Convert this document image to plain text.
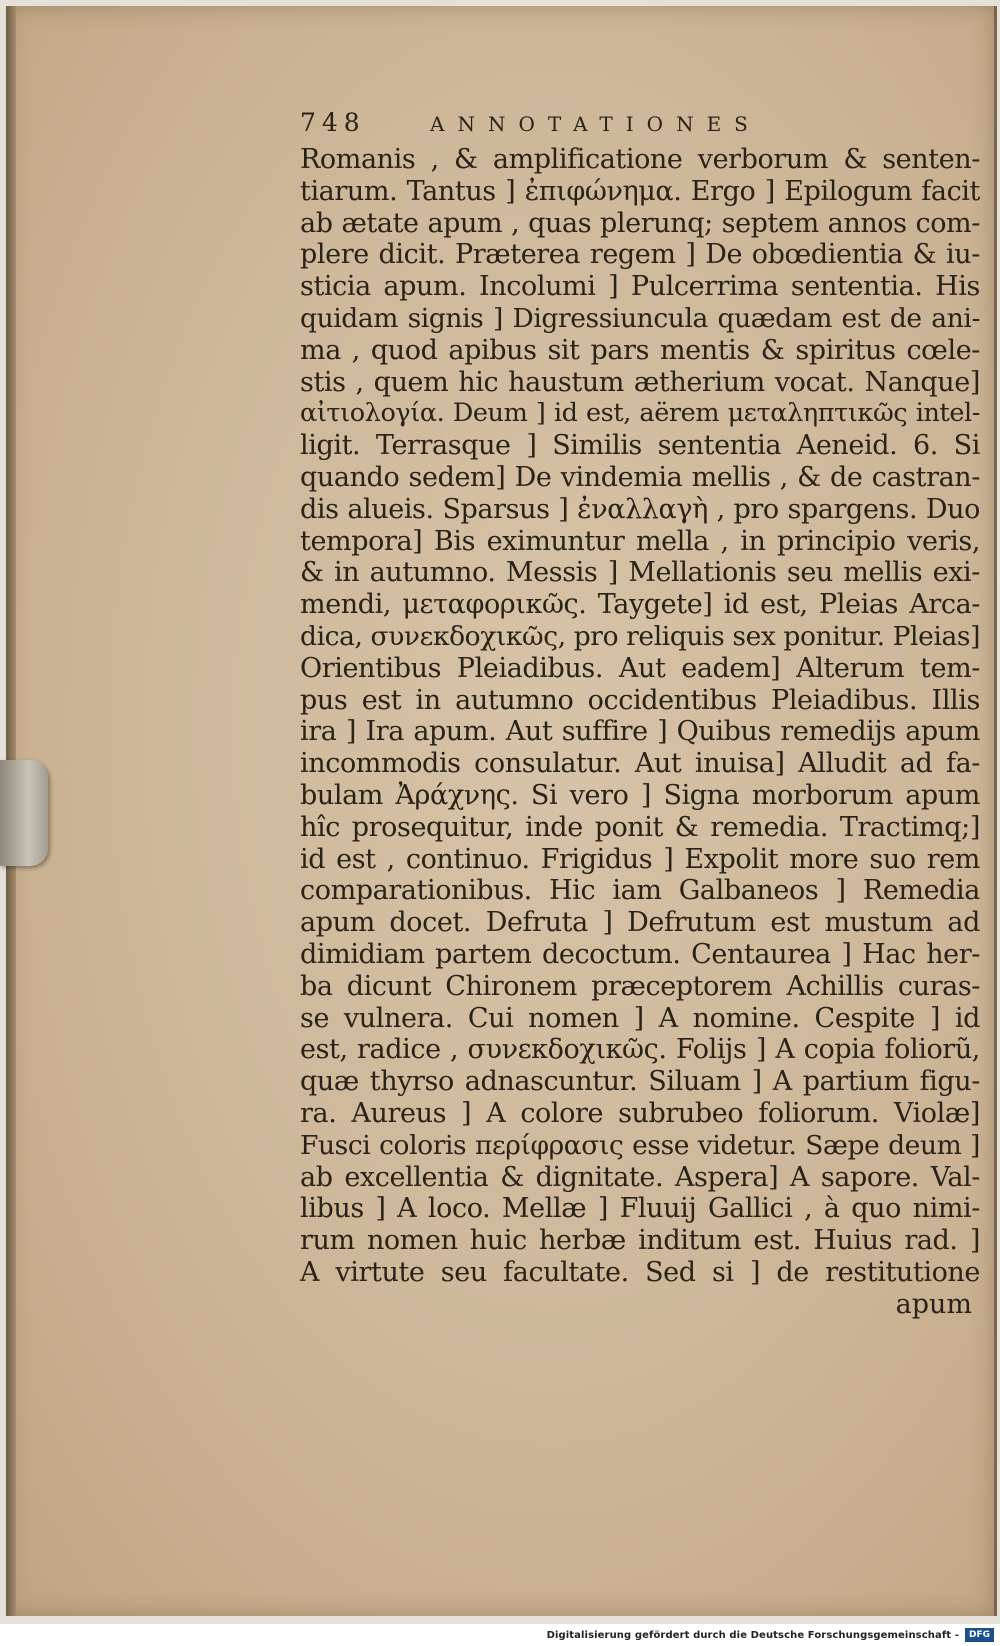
748	ANNOTATIONES
Romanis , & amplificatione verborum & senten-
tiarum. Tantus ] ἐπιφώνημα. Ergo ] Epilogum facit
ab ætate apum , quas plerunq; septem annos com-
plere dicit. Præterea regem ] De obœdientia & iu-
sticia apum. Incolumi ] Pulcerrima sententia. His
quidam signis ] Digressiuncula quædam est de ani-
ma , quod apibus sit pars mentis & spiritus cœle-
stis , quem hic haustum ætherium vocat. Nanque]
αἰτιολογία. Deum ] id est, aërem μεταληπτικῶς intel-
ligit. Terrasque ] Similis sententia Aeneid. 6. Si
quando sedem] De vindemia mellis , & de castran-
dis alueis. Sparsus ] ἐναλλαγὴ , pro spargens. Duo
tempora] Bis eximuntur mella , in principio veris,
& in autumno. Messis ] Mellationis seu mellis exi-
mendi, μεταφορικῶς. Taygete] id est, Pleias Arca-
dica, συνεκδοχικῶς, pro reliquis sex ponitur. Pleias]
Orientibus Pleiadibus. Aut eadem] Alterum tem-
pus est in autumno occidentibus Pleiadibus. Illis
ira ] Ira apum. Aut suffire ] Quibus remedijs apum
incommodis consulatur. Aut inuisa] Alludit ad fa-
bulam Ἀράχνης. Si vero ] Signa morborum apum
hîc prosequitur, inde ponit & remedia. Tractimq;]
id est , continuo. Frigidus ] Expolit more suo rem
comparationibus. Hic iam Galbaneos ] Remedia
apum docet. Defruta ] Defrutum est mustum ad
dimidiam partem decoctum. Centaurea ] Hac her-
ba dicunt Chironem præceptorem Achillis curas-
se vulnera. Cui nomen ] A nomine. Cespite ] id
est, radice , συνεκδοχικῶς. Folijs ] A copia foliorũ,
quæ thyrso adnascuntur. Siluam ] A partium figu-
ra. Aureus ] A colore subrubeo foliorum. Violæ]
Fusci coloris περίφρασις esse videtur. Sæpe deum ]
ab excellentia & dignitate. Aspera] A sapore. Val-
libus ] A loco. Mellæ ] Fluuij Gallici , à quo nimi-
rum nomen huic herbæ inditum est. Huius rad. ]
A virtute seu facultate. Sed si ] de restitutione
apum
Digitalisierung gefördert durch die Deutsche Forschungsgemeinschaft -	DFG
